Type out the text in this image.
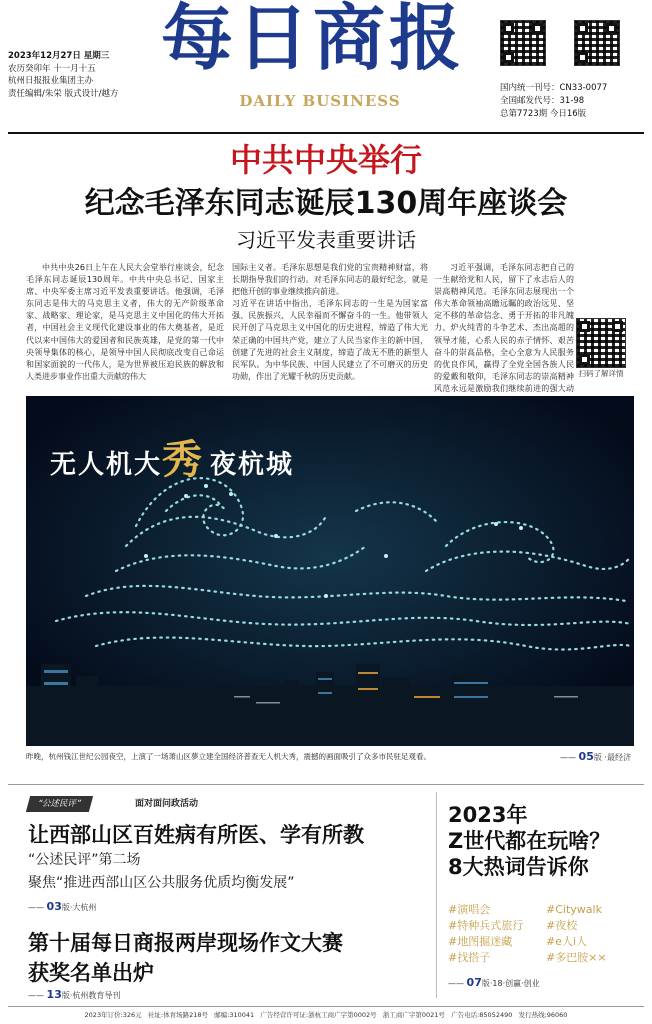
2023年12月27日 星期三
农历癸卯年 十一月十五
杭州日报报业集团主办
责任编辑/朱栄 版式设计/越方
每日商报
DAILY BUSINESS
国内统一刊号：CN33-0077
全国邮发代号：31-98
总第7723期 今日16版
中共中央举行
纪念毛泽东同志诞辰130周年座谈会
习近平发表重要讲话
中共中央26日上午在人民大会堂举行座谈会，纪念毛泽东同志诞辰130周年。中共中央总书记、国家主席、中央军委主席习近平发表重要讲话。他强调，毛泽东同志是伟大的马克思主义者，伟大的无产阶级革命家、战略家、理论家，是马克思主义中国化的伟大开拓者，中国社会主义现代化建设事业的伟大奠基者，是近代以来中国伟大的爱国者和民族英雄，是党的第一代中央领导集体的核心，是领导中国人民彻底改变自己命运和国家面貌的一代伟人，是为世界被压迫民族的解放和人类进步事业作出重大贡献的伟大
国际主义者。毛泽东思想是我们党的宝贵精神财富，将长期指导我们的行动。对毛泽东同志的最好纪念，就是把他开创的事业继续推向前进。
习近平在讲话中指出，毛泽东同志的一生是为国家富强、民族振兴、人民幸福而不懈奋斗的一生。他带领人民开创了马克思主义中国化的历史进程，缔造了伟大光荣正确的中国共产党，建立了人民当家作主的新中国，创建了先进的社会主义制度，缔造了战无不胜的新型人民军队。为中华民族、中国人民建立了不可磨灭的历史功勋，作出了光耀千秋的历史贡献。
习近平强调，毛泽东同志把自己的一生献给党和人民，留下了永志后人的崇高精神风范。毛泽东同志展现出一个伟大革命领袖高瞻远瞩的政治远见、坚定不移的革命信念、勇于开拓的非凡魄力、炉火纯青的斗争艺术、杰出高超的领导才能，心系人民的赤子情怀、艰苦奋斗的崇高品格，全心全意为人民服务的优良作风，赢得了全党全国各族人民的爱戴和敬仰，毛泽东同志的崇高精神风范永远是激励我们继续前进的强大动
扫码了解详情
无人机大秀 夜杭城
昨晚，杭州钱江世纪公园夜空，上演了一场萧山区夢立建全国经济普查无人机大秀，震撼的画面吸引了众多市民驻足观看。	—— 05版 ·最经济
“公述民评”	面对面问政活动
让西部山区百姓病有所医、学有所教
“公述民评”第二场
聚焦“推进西部山区公共服务优质均衡发展”
—— 03版·大杭州
第十届每日商报两岸现场作文大赛
获奖名单出炉
—— 13版·杭州教育导刊
2023年
Z世代都在玩啥？
8大热词告诉你
#演唱会	#Citywalk
#特种兵式旅行 #夜校
#地图掘迷藏	#e人i人
#找搭子	#多巴胺××
—— 07版·18·创赢·创业
2023年订价:326元 社址:体育场路218号 邮编:310041 广告经营许可证:浙杭工商广字第0002号 浙工商广字第0021号 广告电话:85052490 发行热线:96060
